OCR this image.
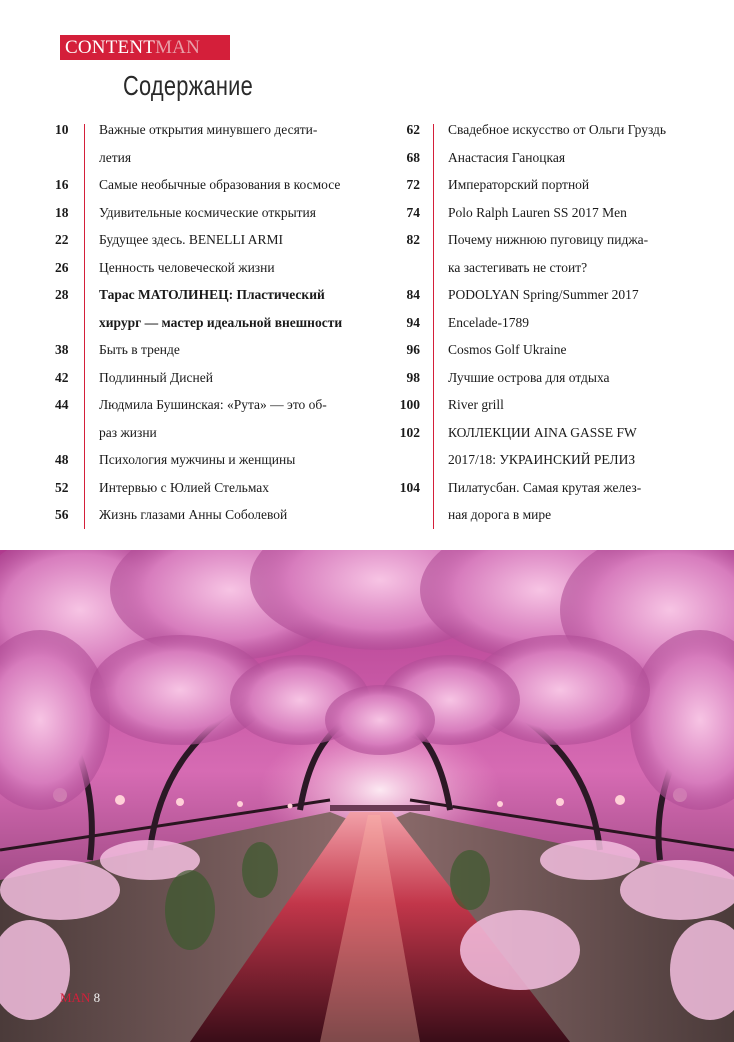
CONTENT MAN
Содержание
10	Важные открытия минувшего десяти-
летия
16	Самые необычные образования в космосе
18	Удивительные космические открытия
22	Будущее здесь. BENELLI ARMI
26	Ценность человеческой жизни
28	Тарас МАТОЛИНЕЦ: Пластический
хирург — мастер идеальной внешности
38	Быть в тренде
42	Подлинный Дисней
44	Людмила Бушинская: «Рута» — это об-
раз жизни
48	Психология мужчины и женщины
52	Интервью с Юлией Стельмах
56	Жизнь глазами Анны Соболевой
62 Свадебное искусство от Ольги Груздь
68 Анастасия Ганоцкая
72 Императорский портной
74 Polo Ralph Lauren SS 2017 Men
82 Почему нижнюю пуговицу пиджа-
ка застегивать не стоит?
84 PODOLYAN Spring/Summer 2017
94 Encelade-1789
96 Cosmos Golf Ukraine
98 Лучшие острова для отдыха
100 River grill
102 КОЛЛЕКЦИИ AINA GASSE FW
2017/18: УКРАИНСКИЙ РЕЛИЗ
104 Пилатусбан. Самая крутая желез-
ная дорога в мире
MAN 8
